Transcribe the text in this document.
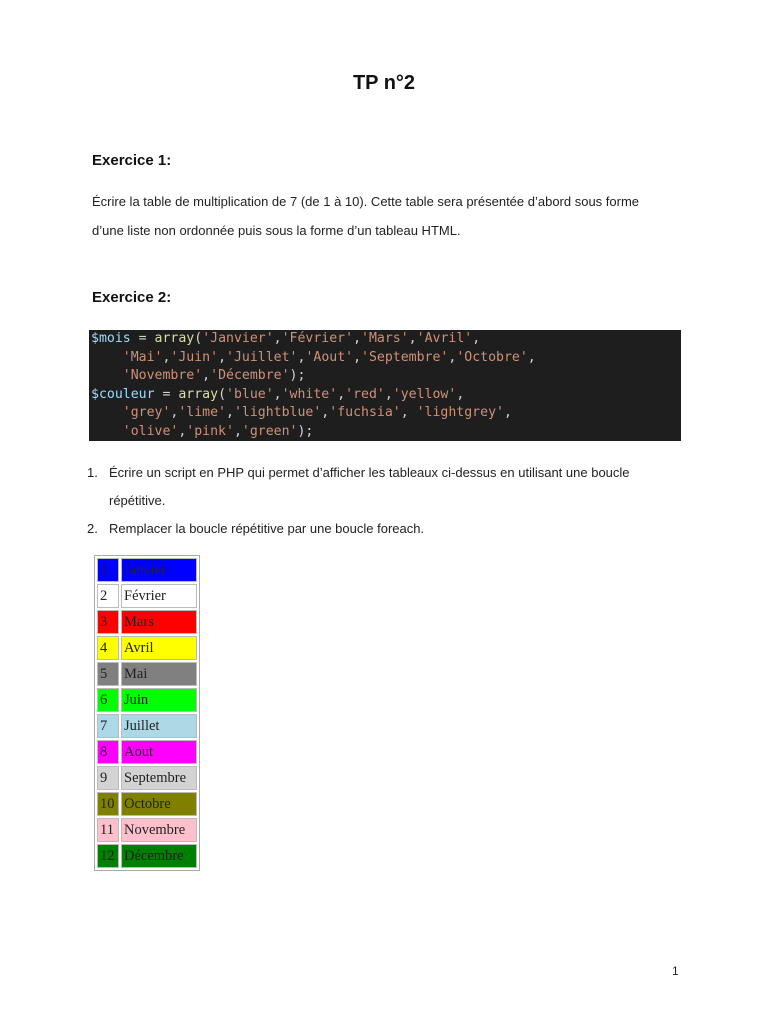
TP n°2
Exercice 1:
Écrire la table de multiplication de 7 (de 1 à 10). Cette table sera présentée d’abord sous forme
d’une liste non ordonnée puis sous la forme d’un tableau HTML.
Exercice 2:
$mois = array('Janvier','Février','Mars','Avril',
'Mai','Juin','Juillet','Aout','Septembre','Octobre',
'Novembre','Décembre');
$couleur = array('blue','white','red','yellow',
'grey','lime','lightblue','fuchsia', 'lightgrey',
'olive','pink','green');
1. Écrire un script en PHP qui permet d’afficher les tableaux ci-dessus en utilisant une boucle
répétitive.
2. Remplacer la boucle répétitive par une boucle foreach.
1	Janvier
2	Février
3	Mars
4	Avril
5	Mai
6	Juin
7	Juillet
8	Aout
9	Septembre
10	Octobre
11	Novembre
12	Décembre
1
